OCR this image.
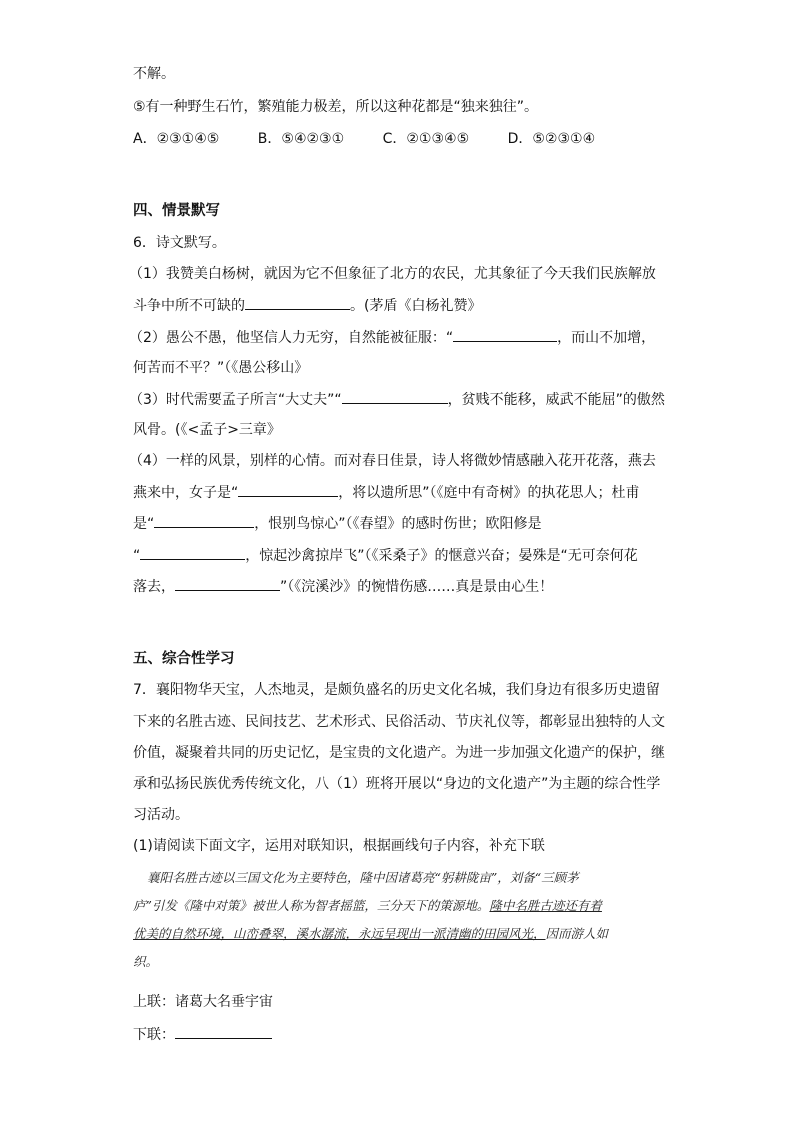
不解。
⑤有一种野生石竹，繁殖能力极差，所以这种花都是“独来独往”。
A．②③①④⑤	B．⑤④②③①	C．②①③④⑤	D．⑤②③①④
四、情景默写
6．诗文默写。
（1）我赞美白杨树，就因为它不但象征了北方的农民，尤其象征了今天我们民族解放
斗争中所不可缺的	。(茅盾《白杨礼赞》
（2）愚公不愚，他坚信人力无穷，自然能被征服：“	，而山不加增，
何苦而不平？”（《愚公移山》
（3）时代需要孟子所言“大丈夫”“	，贫贱不能移，威武不能屈”的傲然
风骨。(《<孟子>三章》
（4）一样的风景，别样的心情。而对春日佳景，诗人将微妙情感融入花开花落，燕去
燕来中，女子是“	，将以遗所思”（《庭中有奇树》的执花思人；杜甫
是“	，恨别鸟惊心”（《春望》的感时伤世；欧阳修是
“	，惊起沙禽掠岸飞”（《采桑子》的惬意兴奋；晏殊是“无可奈何花
落去，	”（《浣溪沙》的惋惜伤感……真是景由心生！
五、综合性学习
7．襄阳物华天宝，人杰地灵，是颇负盛名的历史文化名城，我们身边有很多历史遗留
下来的名胜古迹、民间技艺、艺术形式、民俗活动、节庆礼仪等，都彰显出独特的人文
价值，凝聚着共同的历史记忆，是宝贵的文化遗产。为进一步加强文化遗产的保护，继
承和弘扬民族优秀传统文化，八（1）班将开展以“身边的文化遗产”为主题的综合性学
习活动。
(1)请阅读下面文字，运用对联知识，根据画线句子内容，补充下联
襄阳名胜古迹以三国文化为主要特色，隆中因诸葛亮“躬耕陇亩”，刘备“三顾茅
庐”引发《隆中对策》被世人称为智者摇篮，三分天下的策源地。隆中名胜古迹还有着
优美的自然环境，山峦叠翠，溪水潺流，永远呈现出一派清幽的田园风光，因而游人如
织。
上联：诸葛大名垂宇宙
下联：
